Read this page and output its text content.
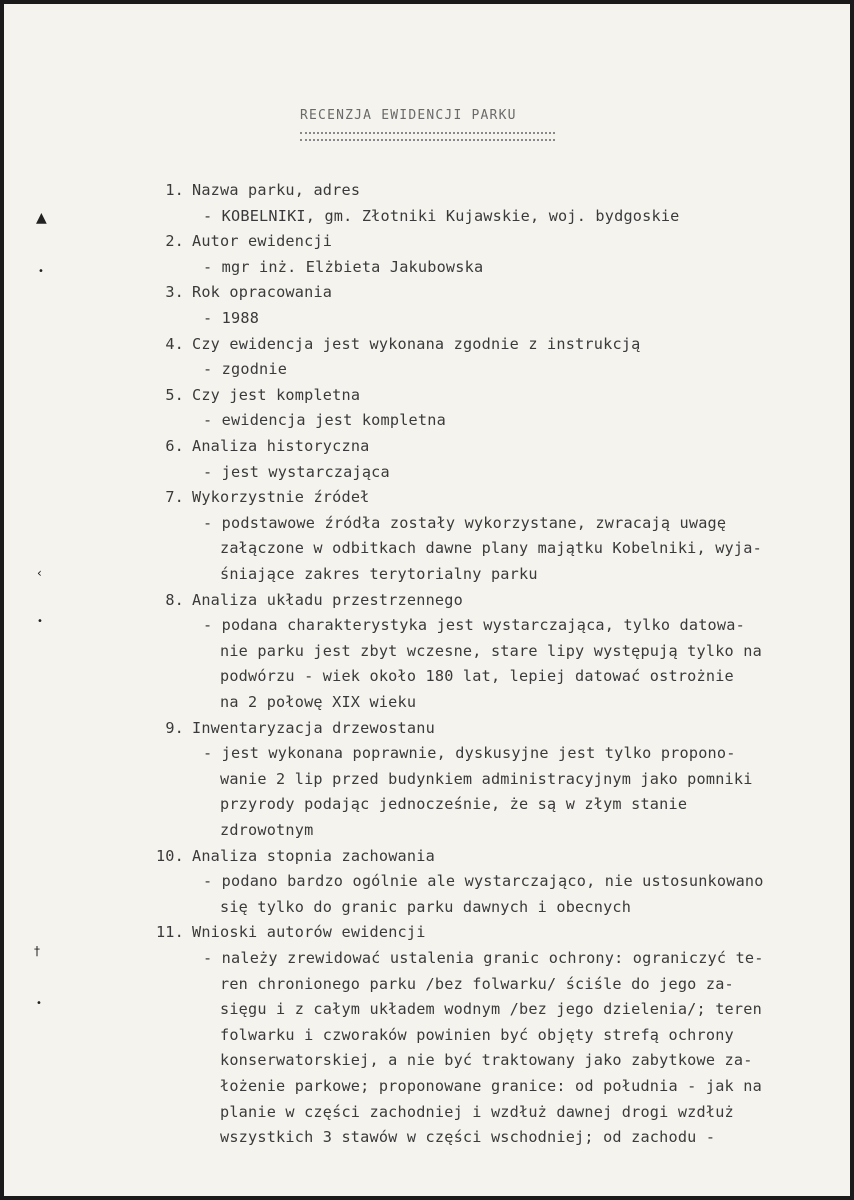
RECENZJA EWIDENCJI PARKU
1. Nazwa parku, adres
- KOBELNIKI, gm. Złotniki Kujawskie, woj. bydgoskie
2. Autor ewidencji
- mgr inż. Elżbieta Jakubowska
3. Rok opracowania
- 1988
4. Czy ewidencja jest wykonana zgodnie z instrukcją
- zgodnie
5. Czy jest kompletna
- ewidencja jest kompletna
6. Analiza historyczna
- jest wystarczająca
7. Wykorzystnie źródeł
- podstawowe źródła zostały wykorzystane, zwracają uwagę
załączone w odbitkach dawne plany majątku Kobelniki, wyja-
śniające zakres terytorialny parku
8. Analiza układu przestrzennego
- podana charakterystyka jest wystarczająca, tylko datowa-
nie parku jest zbyt wczesne, stare lipy występują tylko na
podwórzu - wiek około 180 lat, lepiej datować ostrożnie
na 2 połowę XIX wieku
9. Inwentaryzacja drzewostanu
- jest wykonana poprawnie, dyskusyjne jest tylko propono-
wanie 2 lip przed budynkiem administracyjnym jako pomniki
przyrody podając jednocześnie, że są w złym stanie
zdrowotnym
10. Analiza stopnia zachowania
- podano bardzo ogólnie ale wystarczająco, nie ustosunkowano
się tylko do granic parku dawnych i obecnych
11. Wnioski autorów ewidencji
- należy zrewidować ustalenia granic ochrony: ograniczyć te-
ren chronionego parku /bez folwarku/ ściśle do jego za-
sięgu i z całym układem wodnym /bez jego dzielenia/; teren
folwarku i czworaków powinien być objęty strefą ochrony
konserwatorskiej, a nie być traktowany jako zabytkowe za-
łożenie parkowe; proponowane granice: od południa - jak na
planie w części zachodniej i wzdłuż dawnej drogi wzdłuż
wszystkich 3 stawów w części wschodniej; od zachodu -
▲
•
‹
•
†
•
